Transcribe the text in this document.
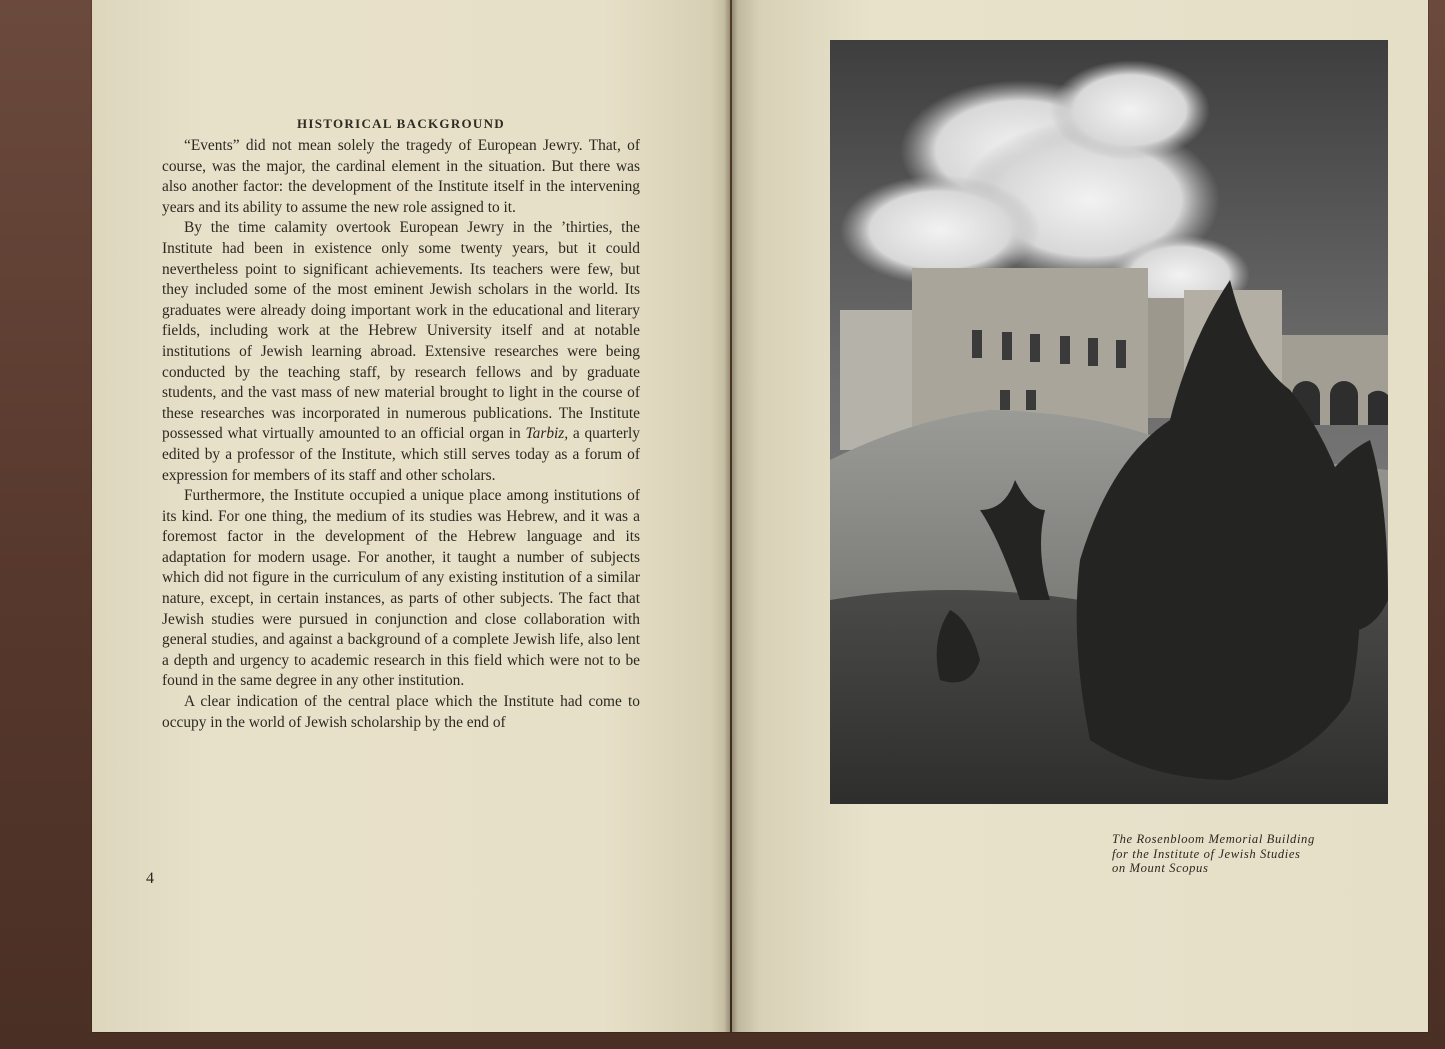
HISTORICAL BACKGROUND

“Events” did not mean solely the tragedy of European Jewry. That, of course, was the major, the cardinal element in the situation. But there was also another factor: the development of the Institute itself in the intervening years and its ability to assume the new role assigned to it.

By the time calamity overtook European Jewry in the ’thirties, the Institute had been in existence only some twenty years, but it could nevertheless point to significant achievements. Its teachers were few, but they included some of the most eminent Jewish scholars in the world. Its graduates were already doing important work in the educational and literary fields, including work at the Hebrew University itself and at notable institutions of Jewish learning abroad. Extensive researches were being conducted by the teaching staff, by research fellows and by graduate students, and the vast mass of new material brought to light in the course of these researches was incorporated in numerous publications. The Institute possessed what virtually amounted to an official organ in Tarbiz, a quarterly edited by a professor of the Institute, which still serves today as a forum of expression for members of its staff and other scholars.

Furthermore, the Institute occupied a unique place among institutions of its kind. For one thing, the medium of its studies was Hebrew, and it was a foremost factor in the development of the Hebrew language and its adaptation for modern usage. For another, it taught a number of subjects which did not figure in the curriculum of any existing institution of a similar nature, except, in certain instances, as parts of other subjects. The fact that Jewish studies were pursued in conjunction and close collaboration with general studies, and against a background of a complete Jewish life, also lent a depth and urgency to academic research in this field which were not to be found in the same degree in any other institution.

A clear indication of the central place which the Institute had come to occupy in the world of Jewish scholarship by the end of

4
The Rosenbloom Memorial Building
for the Institute of Jewish Studies
on Mount Scopus
